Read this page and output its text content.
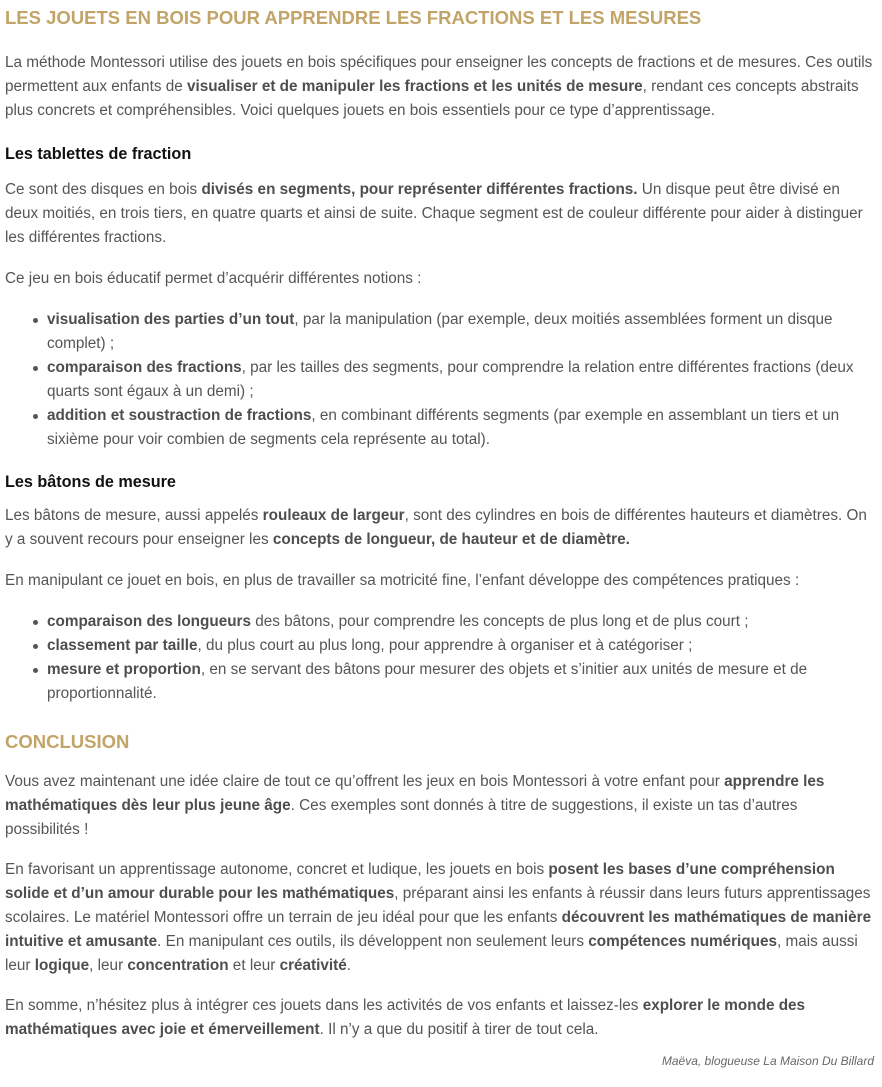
LES JOUETS EN BOIS POUR APPRENDRE LES FRACTIONS ET LES MESURES

La méthode Montessori utilise des jouets en bois spécifiques pour enseigner les concepts de fractions et de mesures. Ces outils permettent aux enfants de visualiser et de manipuler les fractions et les unités de mesure, rendant ces concepts abstraits plus concrets et compréhensibles. Voici quelques jouets en bois essentiels pour ce type d’apprentissage.

Les tablettes de fraction

Ce sont des disques en bois divisés en segments, pour représenter différentes fractions. Un disque peut être divisé en deux moitiés, en trois tiers, en quatre quarts et ainsi de suite. Chaque segment est de couleur différente pour aider à distinguer les différentes fractions.

Ce jeu en bois éducatif permet d’acquérir différentes notions :

visualisation des parties d’un tout, par la manipulation (par exemple, deux moitiés assemblées forment un disque complet) ;
comparaison des fractions, par les tailles des segments, pour comprendre la relation entre différentes fractions (deux quarts sont égaux à un demi) ;
addition et soustraction de fractions, en combinant différents segments (par exemple en assemblant un tiers et un sixième pour voir combien de segments cela représente au total).
Les bâtons de mesure

Les bâtons de mesure, aussi appelés rouleaux de largeur, sont des cylindres en bois de différentes hauteurs et diamètres. On y a souvent recours pour enseigner les concepts de longueur, de hauteur et de diamètre.

En manipulant ce jouet en bois, en plus de travailler sa motricité fine, l’enfant développe des compétences pratiques :

comparaison des longueurs des bâtons, pour comprendre les concepts de plus long et de plus court ;
classement par taille, du plus court au plus long, pour apprendre à organiser et à catégoriser ;
mesure et proportion, en se servant des bâtons pour mesurer des objets et s’initier aux unités de mesure et de proportionnalité.
CONCLUSION

Vous avez maintenant une idée claire de tout ce qu’offrent les jeux en bois Montessori à votre enfant pour apprendre les mathématiques dès leur plus jeune âge. Ces exemples sont donnés à titre de suggestions, il existe un tas d’autres possibilités !

En favorisant un apprentissage autonome, concret et ludique, les jouets en bois posent les bases d’une compréhension solide et d’un amour durable pour les mathématiques, préparant ainsi les enfants à réussir dans leurs futurs apprentissages scolaires. Le matériel Montessori offre un terrain de jeu idéal pour que les enfants découvrent les mathématiques de manière intuitive et amusante. En manipulant ces outils, ils développent non seulement leurs compétences numériques, mais aussi leur logique, leur concentration et leur créativité.

En somme, n’hésitez plus à intégrer ces jouets dans les activités de vos enfants et laissez-les explorer le monde des mathématiques avec joie et émerveillement. Il n’y a que du positif à tirer de tout cela.

Maëva, blogueuse La Maison Du Billard
